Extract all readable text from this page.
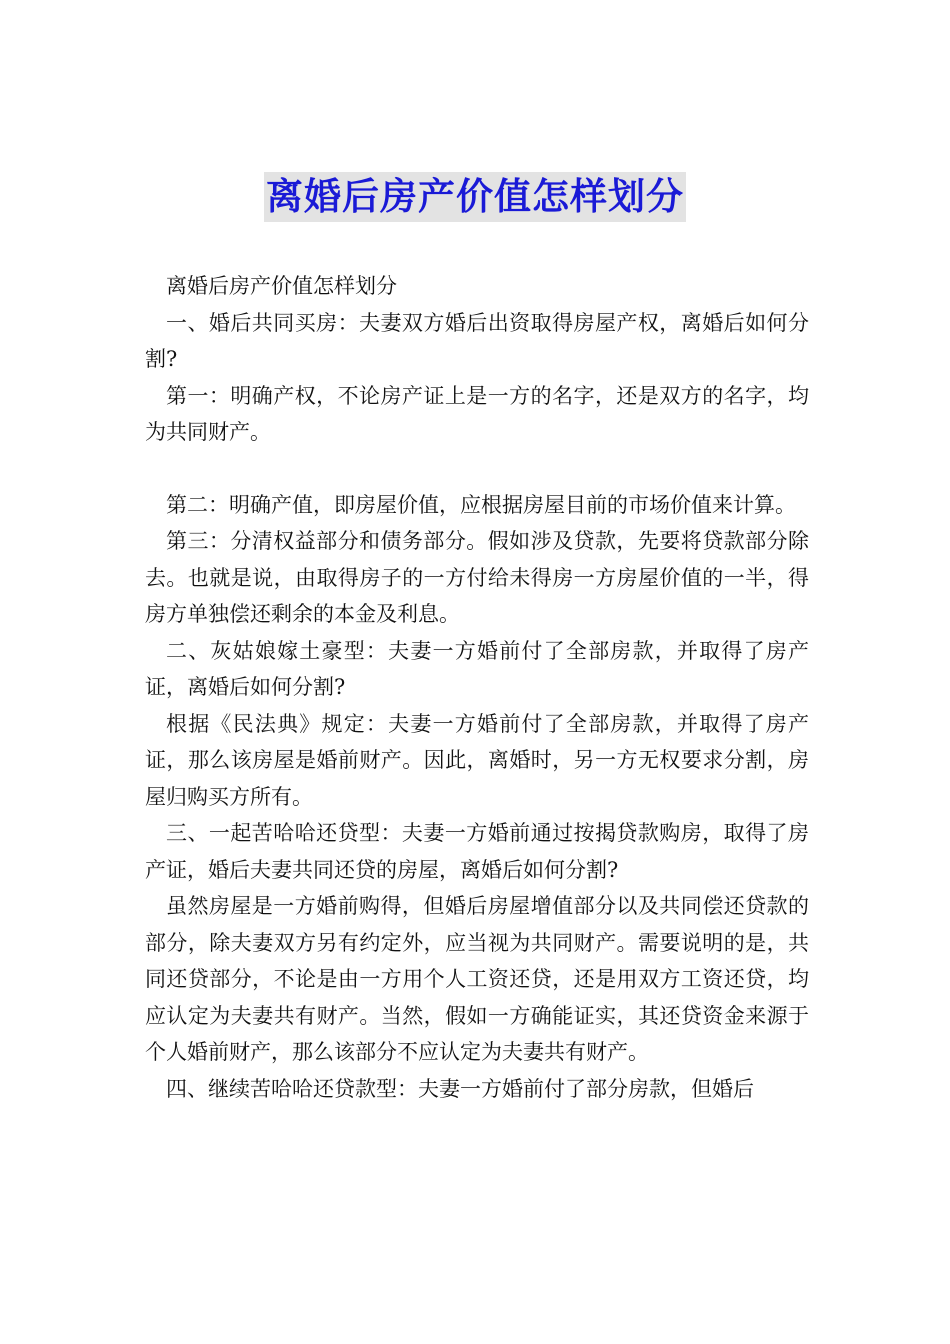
离婚后房产价值怎样划分

离婚后房产价值怎样划分

一、婚后共同买房：夫妻双方婚后出资取得房屋产权，离婚后如何分割?

第一：明确产权，不论房产证上是一方的名字，还是双方的名字，均为共同财产。

第二：明确产值，即房屋价值，应根据房屋目前的市场价值来计算。

第三：分清权益部分和债务部分。假如涉及贷款，先要将贷款部分除去。也就是说，由取得房子的一方付给未得房一方房屋价值的一半，得房方单独偿还剩余的本金及利息。

二、灰姑娘嫁土豪型：夫妻一方婚前付了全部房款，并取得了房产证，离婚后如何分割?

根据《民法典》规定：夫妻一方婚前付了全部房款，并取得了房产证，那么该房屋是婚前财产。因此，离婚时，另一方无权要求分割，房屋归购买方所有。

三、一起苦哈哈还贷型：夫妻一方婚前通过按揭贷款购房，取得了房产证，婚后夫妻共同还贷的房屋，离婚后如何分割?

虽然房屋是一方婚前购得，但婚后房屋增值部分以及共同偿还贷款的部分，除夫妻双方另有约定外，应当视为共同财产。需要说明的是，共同还贷部分，不论是由一方用个人工资还贷，还是用双方工资还贷，均应认定为夫妻共有财产。当然，假如一方确能证实，其还贷资金来源于个人婚前财产，那么该部分不应认定为夫妻共有财产。

四、继续苦哈哈还贷款型：夫妻一方婚前付了部分房款，但婚后
